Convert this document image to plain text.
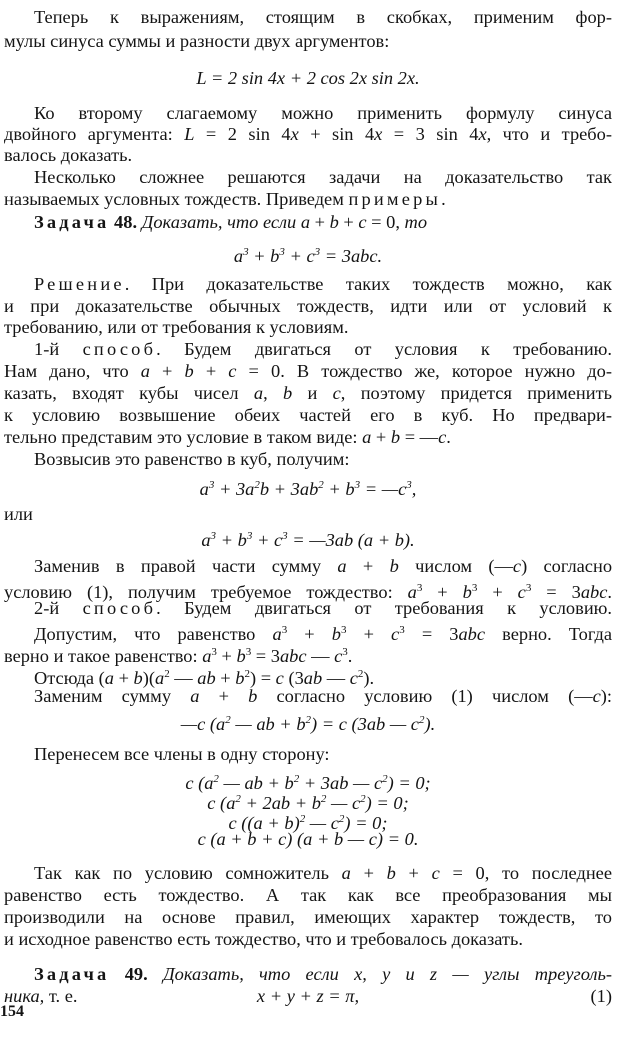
Теперь к выражениям, стоящим в скобках, применим фор-
мулы синуса суммы и разности двух аргументов:
L = 2 sin 4x + 2 cos 2x sin 2x.
Ко второму слагаемому можно применить формулу синуса
двойного аргумента: L = 2 sin 4x + sin 4x = 3 sin 4x, что и требо-
валось доказать.
Несколько сложнее решаются задачи на доказательство так
называемых условных тождеств. Приведем примеры.
Задача 48. Доказать, что если a + b + c = 0, то
$a^3 + b^3 + c^3 = 3abc$.
Решение. При доказательстве таких тождеств можно, как
и при доказательстве обычных тождеств, идти или от условий к
требованию, или от требования к условиям.
1-й способ. Будем двигаться от условия к требованию.
Нам дано, что a + b + c = 0. В тождество же, которое нужно до-
казать, входят кубы чисел a, b и c, поэтому придется применить
к условию возвышение обеих частей его в куб. Но предвари-
тельно представим это условие в таком виде: a + b = —c.
Возвысив это равенство в куб, получим:
$a^3 + 3a^2b + 3ab^2 + b^3$ = $—c^3$,
или
$a^3 + b^3 + c^3$ = —3ab (a + b).
Заменив в правой части сумму a + b числом (—c) согласно
условию (1), получим требуемое тождество: $a^3 + b^3 + c^3 = 3abc$.
2-й способ. Будем двигаться от требования к условию.
Допустим, что равенство $a^3 + b^3 + c^3 = 3abc$ верно. Тогда
верно и такое равенство: $a^3 + b^3 = 3abc$ — $c^3$.
Отсюда $(a + b)(a^2$ — ab + $b^2) = c$ (3ab — $c^2$).
Заменим сумму a + b согласно условию (1) числом (—c):
—c ($a^2$ — ab + $b^2) = c$ (3ab — $c^2$).
Перенесем все члены в одну сторону:
c ($a^2$ — ab + $b^2 + 3ab$ — $c^2) = 0$;
c ($a^2 + 2ab + b^2$ — $c^2) = 0$;
c ($(a + b)^2$ — $c^2) = 0$;
c (a + b + c) (a + b — c) = 0.
Так как по условию сомножитель a + b + c = 0, то последнее
равенство есть тождество. А так как все преобразования мы
производили на основе правил, имеющих характер тождеств, то
и исходное равенство есть тождество, что и требовалось доказать.
Задача 49. Доказать, что если x, y и z — углы треуголь-
ника, т. е.	x + y + z = π,	(1)
154
